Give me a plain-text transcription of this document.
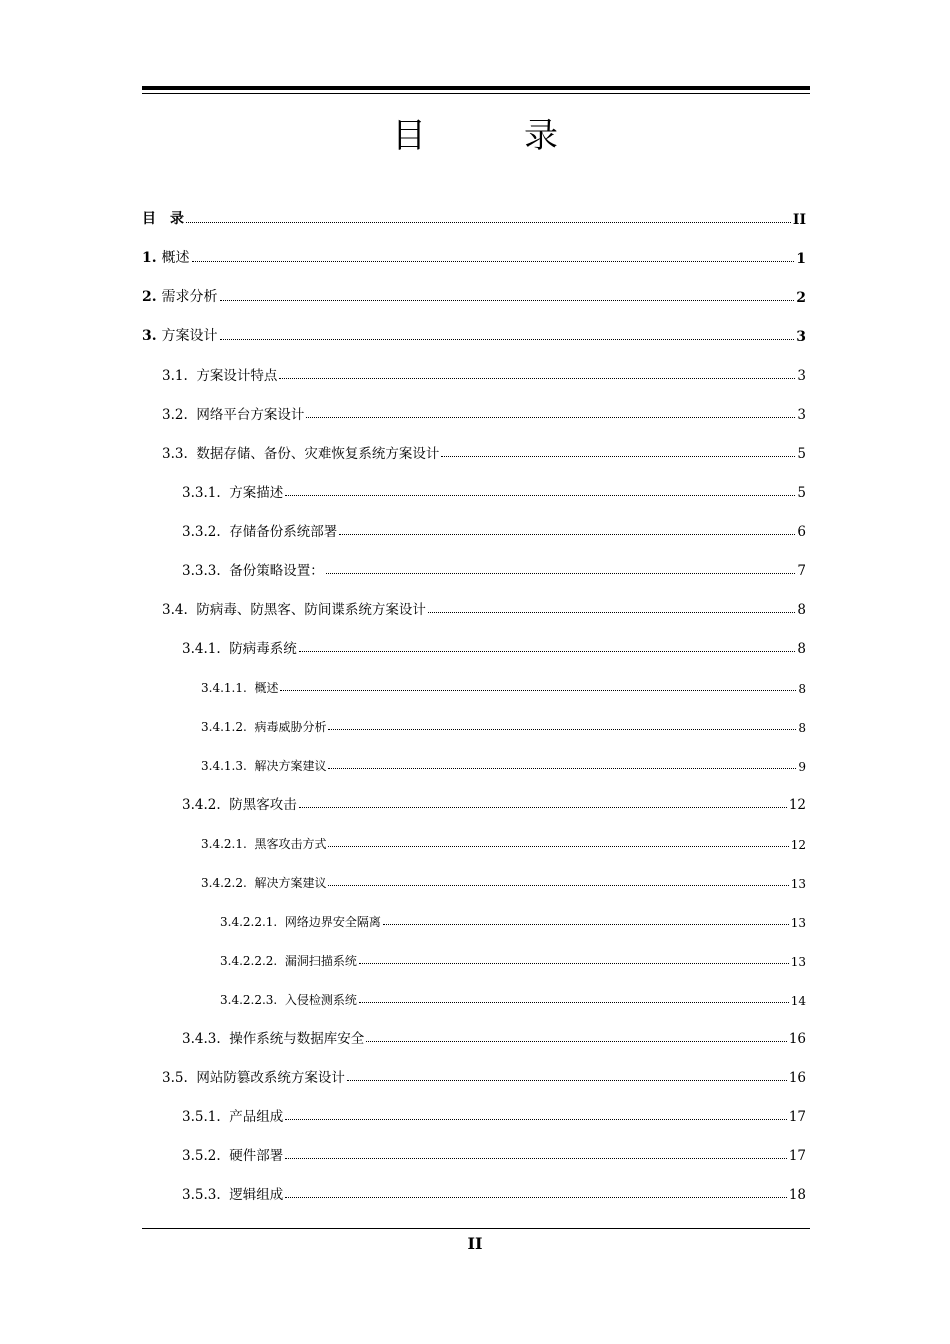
目　录
目　录	II
1. 概述	1
2. 需求分析	2
3. 方案设计	3
3.1. 方案设计特点	3
3.2. 网络平台方案设计	3
3.3. 数据存储、备份、灾难恢复系统方案设计	5
3.3.1. 方案描述	5
3.3.2. 存储备份系统部署	6
3.3.3. 备份策略设置：	7
3.4. 防病毒、防黑客、防间谍系统方案设计	8
3.4.1. 防病毒系统	8
3.4.1.1. 概述	8
3.4.1.2. 病毒威胁分析	8
3.4.1.3. 解决方案建议	9
3.4.2. 防黑客攻击	12
3.4.2.1. 黑客攻击方式	12
3.4.2.2. 解决方案建议	13
3.4.2.2.1. 网络边界安全隔离	13
3.4.2.2.2. 漏洞扫描系统	13
3.4.2.2.3. 入侵检测系统	14
3.4.3. 操作系统与数据库安全	16
3.5. 网站防篡改系统方案设计	16
3.5.1. 产品组成	17
3.5.2. 硬件部署	17
3.5.3. 逻辑组成	18
II
